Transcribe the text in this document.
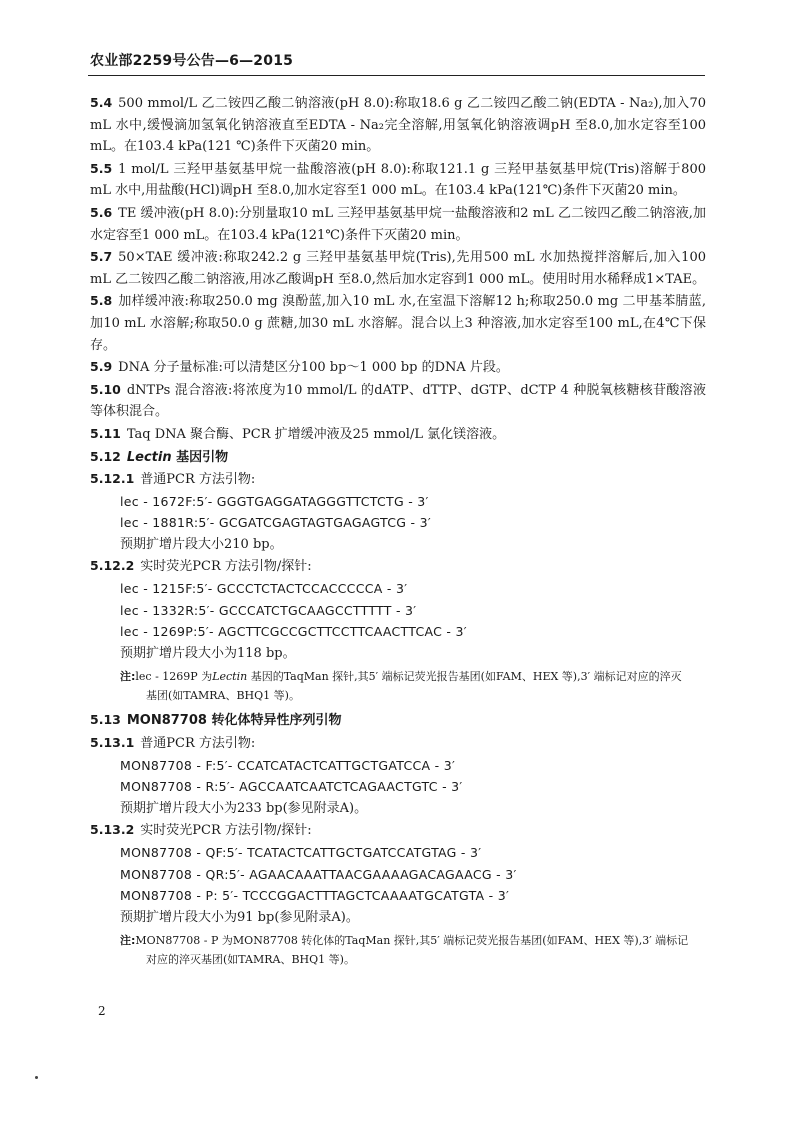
农业部2259号公告—6—2015

5.4 500 mmol/L 乙二铵四乙酸二钠溶液(pH 8.0):称取18.6 g 乙二铵四乙酸二钠(EDTA - Na₂),加入70 mL 水中,缓慢滴加氢氧化钠溶液直至EDTA - Na₂完全溶解,用氢氧化钠溶液调pH 至8.0,加水定容至100 mL。在103.4 kPa(121 ℃)条件下灭菌20 min。

5.5 1 mol/L 三羟甲基氨基甲烷一盐酸溶液(pH 8.0):称取121.1 g 三羟甲基氨基甲烷(Tris)溶解于800 mL 水中,用盐酸(HCl)调pH 至8.0,加水定容至1 000 mL。在103.4 kPa(121℃)条件下灭菌20 min。

5.6 TE 缓冲液(pH 8.0):分别量取10 mL 三羟甲基氨基甲烷一盐酸溶液和2 mL 乙二铵四乙酸二钠溶液,加水定容至1 000 mL。在103.4 kPa(121℃)条件下灭菌20 min。

5.7 50×TAE 缓冲液:称取242.2 g 三羟甲基氨基甲烷(Tris),先用500 mL 水加热搅拌溶解后,加入100 mL 乙二铵四乙酸二钠溶液,用冰乙酸调pH 至8.0,然后加水定容到1 000 mL。使用时用水稀释成1×TAE。

5.8 加样缓冲液:称取250.0 mg 溴酚蓝,加入10 mL 水,在室温下溶解12 h;称取250.0 mg 二甲基苯腈蓝,加10 mL 水溶解;称取50.0 g 蔗糖,加30 mL 水溶解。混合以上3 种溶液,加水定容至100 mL,在4℃下保存。

5.9 DNA 分子量标准:可以清楚区分100 bp～1 000 bp 的DNA 片段。

5.10 dNTPs 混合溶液:将浓度为10 mmol/L 的dATP、dTTP、dGTP、dCTP 4 种脱氧核糖核苷酸溶液等体积混合。

5.11 Taq DNA 聚合酶、PCR 扩增缓冲液及25 mmol/L 氯化镁溶液。

5.12 Lectin 基因引物

5.12.1 普通PCR 方法引物:

lec - 1672F:5′- GGGTGAGGATAGGGTTCTCTG - 3′

lec - 1881R:5′- GCGATCGAGTAGTGAGAGTCG - 3′

预期扩增片段大小210 bp。

5.12.2 实时荧光PCR 方法引物/探针:

lec - 1215F:5′- GCCCTCTACTCCACCCCCA - 3′

lec - 1332R:5′- GCCCATCTGCAAGCCTTTTT - 3′

lec - 1269P:5′- AGCTTCGCCGCTTCCTTCAACTTCAC - 3′

预期扩增片段大小为118 bp。

注:lec - 1269P 为Lectin 基因的TaqMan 探针,其5′ 端标记荧光报告基团(如FAM、HEX 等),3′ 端标记对应的淬灭
基团(如TAMRA、BHQ1 等)。

5.13 MON87708 转化体特异性序列引物

5.13.1 普通PCR 方法引物:

MON87708 - F:5′- CCATCATACTCATTGCTGATCCA - 3′

MON87708 - R:5′- AGCCAATCAATCTCAGAACTGTC - 3′

预期扩增片段大小为233 bp(参见附录A)。

5.13.2 实时荧光PCR 方法引物/探针:

MON87708 - QF:5′- TCATACTCATTGCTGATCCATGTAG - 3′

MON87708 - QR:5′- AGAACAAATTAACGAAAAGACAGAACG - 3′

MON87708 - P: 5′- TCCCGGACTTTAGCTCAAAATGCATGTA - 3′

预期扩增片段大小为91 bp(参见附录A)。

注:MON87708 - P 为MON87708 转化体的TaqMan 探针,其5′ 端标记荧光报告基团(如FAM、HEX 等),3′ 端标记
对应的淬灭基团(如TAMRA、BHQ1 等)。
2
